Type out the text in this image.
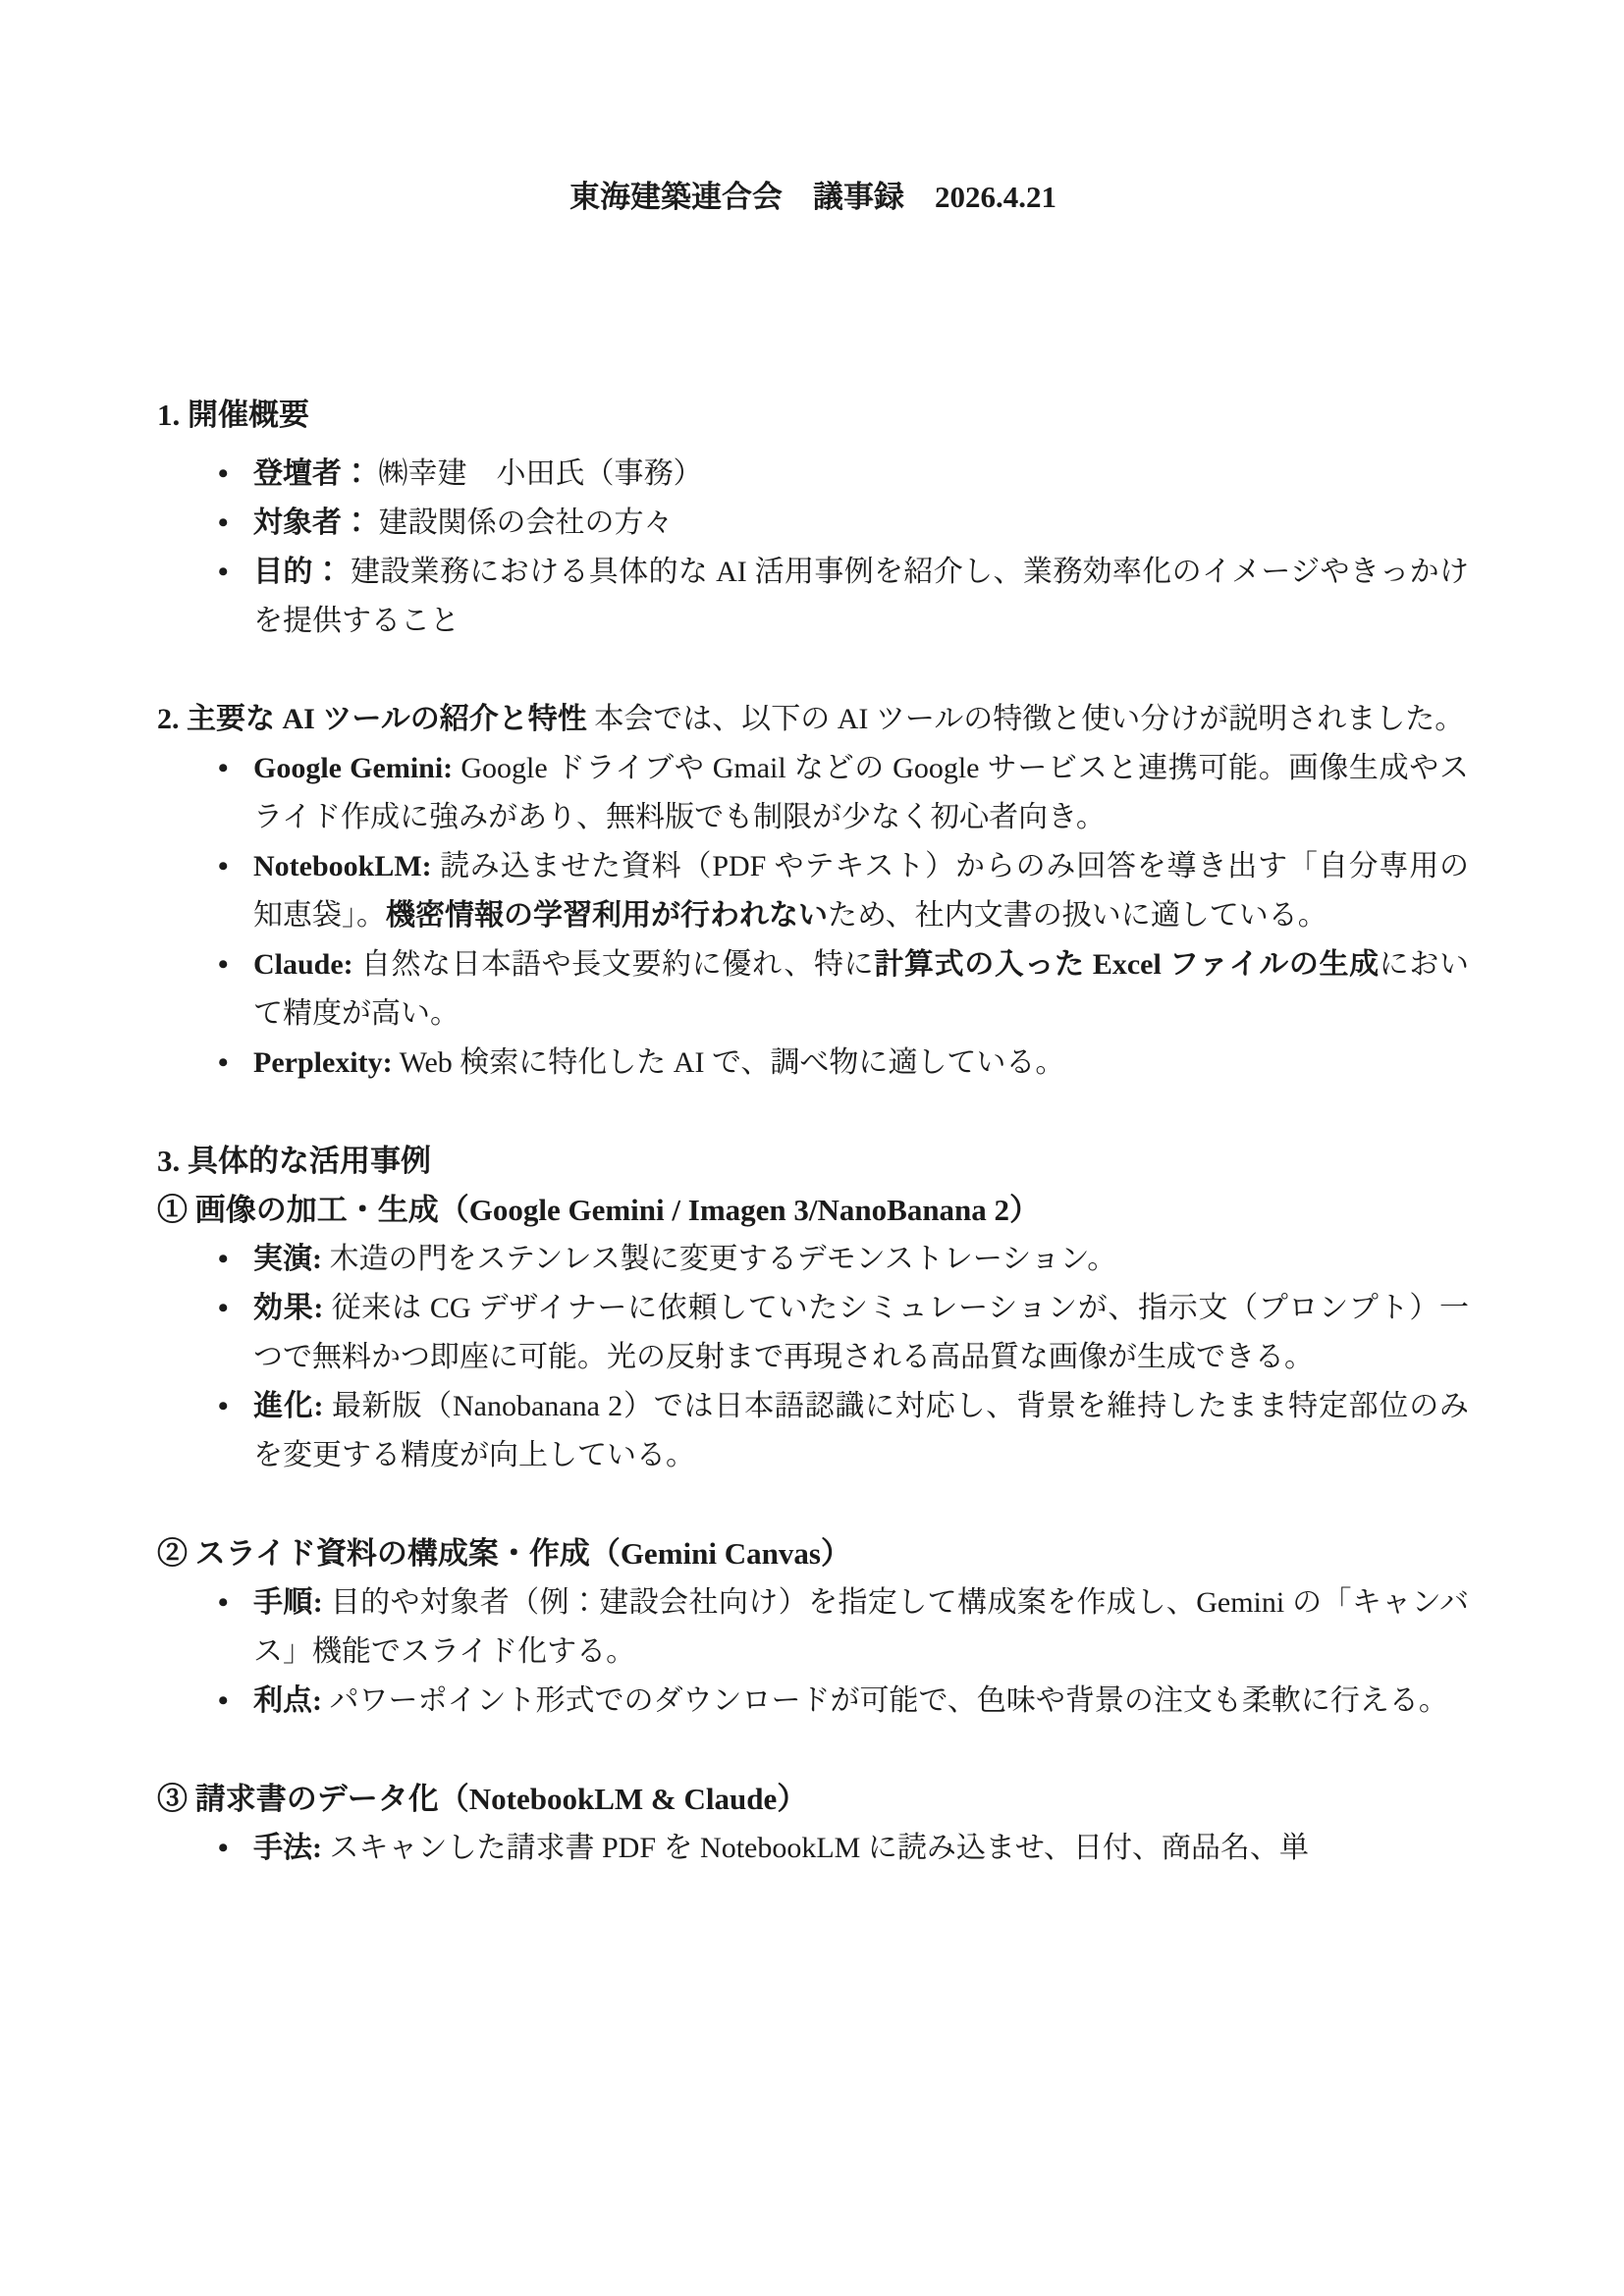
東海建築連合会　議事録　2026.4.21
1. 開催概要
• 登壇者： ㈱幸建　小田氏（事務）
• 対象者： 建設関係の会社の方々
• 目的： 建設業務における具体的な AI 活用事例を紹介し、業務効率化のイメージやきっかけを提供すること
2. 主要な AI ツールの紹介と特性 本会では、以下の AI ツールの特徴と使い分けが説明されました。
• Google Gemini: Google ドライブや Gmail などの Google サービスと連携可能。画像生成やスライド作成に強みがあり、無料版でも制限が少なく初心者向き。
• NotebookLM: 読み込ませた資料（PDF やテキスト）からのみ回答を導き出す「自分専用の知恵袋」。機密情報の学習利用が行われないため、社内文書の扱いに適している。
• Claude: 自然な日本語や長文要約に優れ、特に計算式の入った Excel ファイルの生成において精度が高い。
• Perplexity: Web 検索に特化した AI で、調べ物に適している。
3. 具体的な活用事例
① 画像の加工・生成（Google Gemini / Imagen 3/NanoBanana 2）
• 実演: 木造の門をステンレス製に変更するデモンストレーション。
• 効果: 従来は CG デザイナーに依頼していたシミュレーションが、指示文（プロンプト）一つで無料かつ即座に可能。光の反射まで再現される高品質な画像が生成できる。
• 進化: 最新版（Nanobanana 2）では日本語認識に対応し、背景を維持したまま特定部位のみを変更する精度が向上している。
② スライド資料の構成案・作成（Gemini Canvas）
• 手順: 目的や対象者（例：建設会社向け）を指定して構成案を作成し、Gemini の「キャンバス」機能でスライド化する。
• 利点: パワーポイント形式でのダウンロードが可能で、色味や背景の注文も柔軟に行える。
③ 請求書のデータ化（NotebookLM & Claude）
• 手法: スキャンした請求書 PDF を NotebookLM に読み込ませ、日付、商品名、単
